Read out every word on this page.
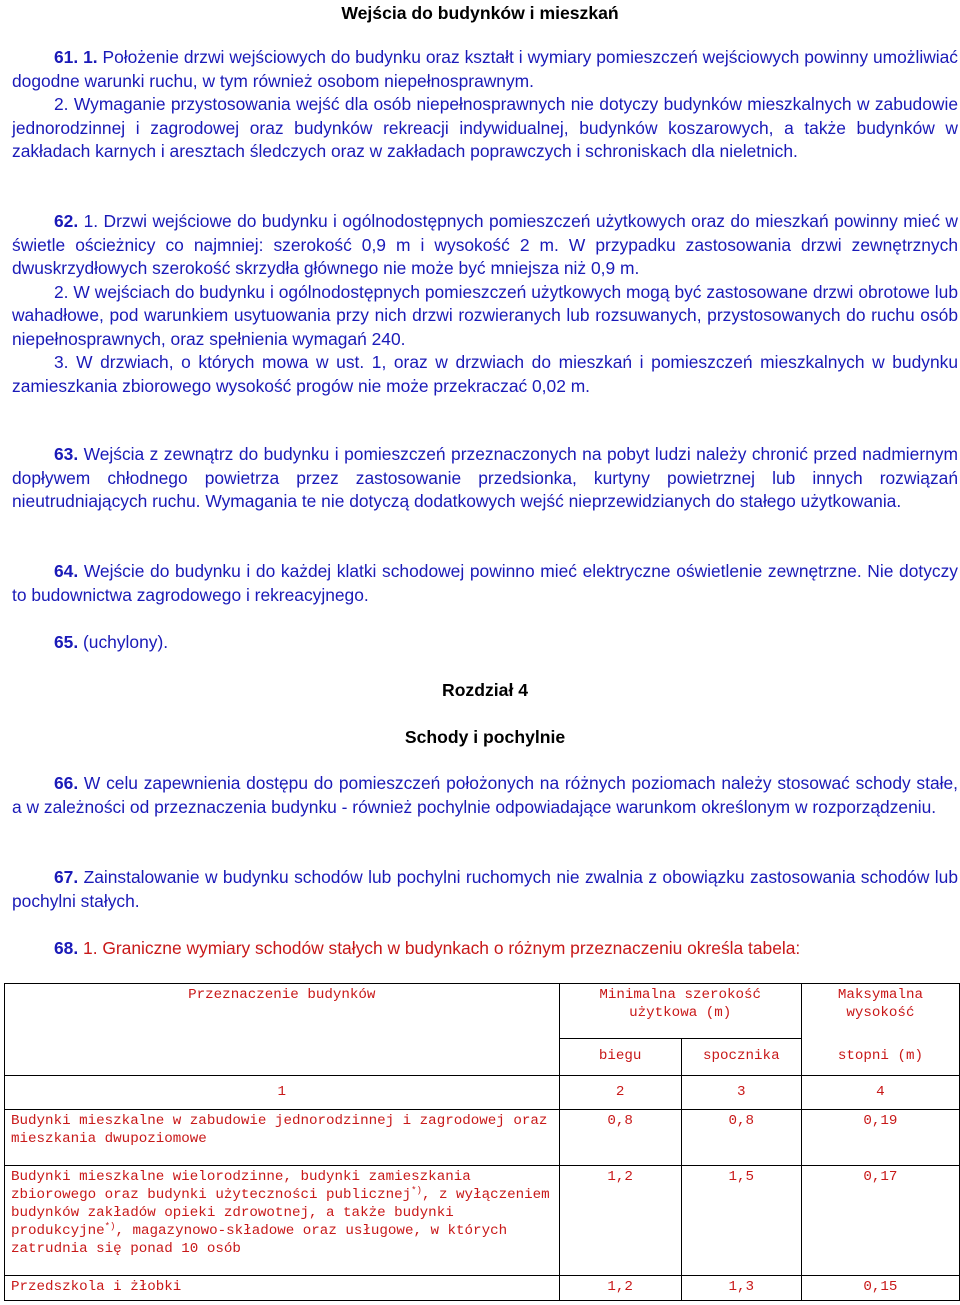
Wejścia do budynków i mieszkań

61. 1. Położenie drzwi wejściowych do budynku oraz kształt i wymiary pomieszczeń wejściowych powinny umożliwiać dogodne warunki ruchu, w tym również osobom niepełnosprawnym.

2. Wymaganie przystosowania wejść dla osób niepełnosprawnych nie dotyczy budynków mieszkalnych w zabudowie jednorodzinnej i zagrodowej oraz budynków rekreacji indywidualnej, budynków koszarowych, a także budynków w zakładach karnych i aresztach śledczych oraz w zakładach poprawczych i schroniskach dla nieletnich.

62. 1. Drzwi wejściowe do budynku i ogólnodostępnych pomieszczeń użytkowych oraz do mieszkań powinny mieć w świetle ościeżnicy co najmniej: szerokość 0,9 m i wysokość 2 m. W przypadku zastosowania drzwi zewnętrznych dwuskrzydłowych szerokość skrzydła głównego nie może być mniejsza niż 0,9 m.

2. W wejściach do budynku i ogólnodostępnych pomieszczeń użytkowych mogą być zastosowane drzwi obrotowe lub wahadłowe, pod warunkiem usytuowania przy nich drzwi rozwieranych lub rozsuwanych, przystosowanych do ruchu osób niepełnosprawnych, oraz spełnienia wymagań 240.

3. W drzwiach, o których mowa w ust. 1, oraz w drzwiach do mieszkań i pomieszczeń mieszkalnych w budynku zamieszkania zbiorowego wysokość progów nie może przekraczać 0,02 m.

63. Wejścia z zewnątrz do budynku i pomieszczeń przeznaczonych na pobyt ludzi należy chronić przed nadmiernym dopływem chłodnego powietrza przez zastosowanie przedsionka, kurtyny powietrznej lub innych rozwiązań nieutrudniających ruchu. Wymagania te nie dotyczą dodatkowych wejść nieprzewidzianych do stałego użytkowania.

64. Wejście do budynku i do każdej klatki schodowej powinno mieć elektryczne oświetlenie zewnętrzne. Nie dotyczy to budownictwa zagrodowego i rekreacyjnego.

65. (uchylony).

Rozdział 4
Schody i pochylnie

66. W celu zapewnienia dostępu do pomieszczeń położonych na różnych poziomach należy stosować schody stałe, a w zależności od przeznaczenia budynku - również pochylnie odpowiadające warunkom określonym w rozporządzeniu.

67. Zainstalowanie w budynku schodów lub pochylni ruchomych nie zwalnia z obowiązku zastosowania schodów lub pochylni stałych.

68. 1. Graniczne wymiary schodów stałych w budynkach o różnym przeznaczeniu określa tabela:

Przeznaczenie budynków	Minimalna szerokość użytkowa (m)		Maksymalna wysokość
	biegu	spocznika	stopni (m)
1	2	3	4
Budynki mieszkalne w zabudowie jednorodzinnej i zagrodowej oraz mieszkania dwupoziomowe	0,8	0,8	0,19
Budynki mieszkalne wielorodzinne, budynki zamieszkania zbiorowego oraz budynki użyteczności publicznej*), z wyłączeniem budynków zakładów opieki zdrowotnej, a także budynki produkcyjne*), magazynowo-składowe oraz usługowe, w których zatrudnia się ponad 10 osób	1,2	1,5	0,17
Przedszkola i żłobki	1,2	1,3	0,15
